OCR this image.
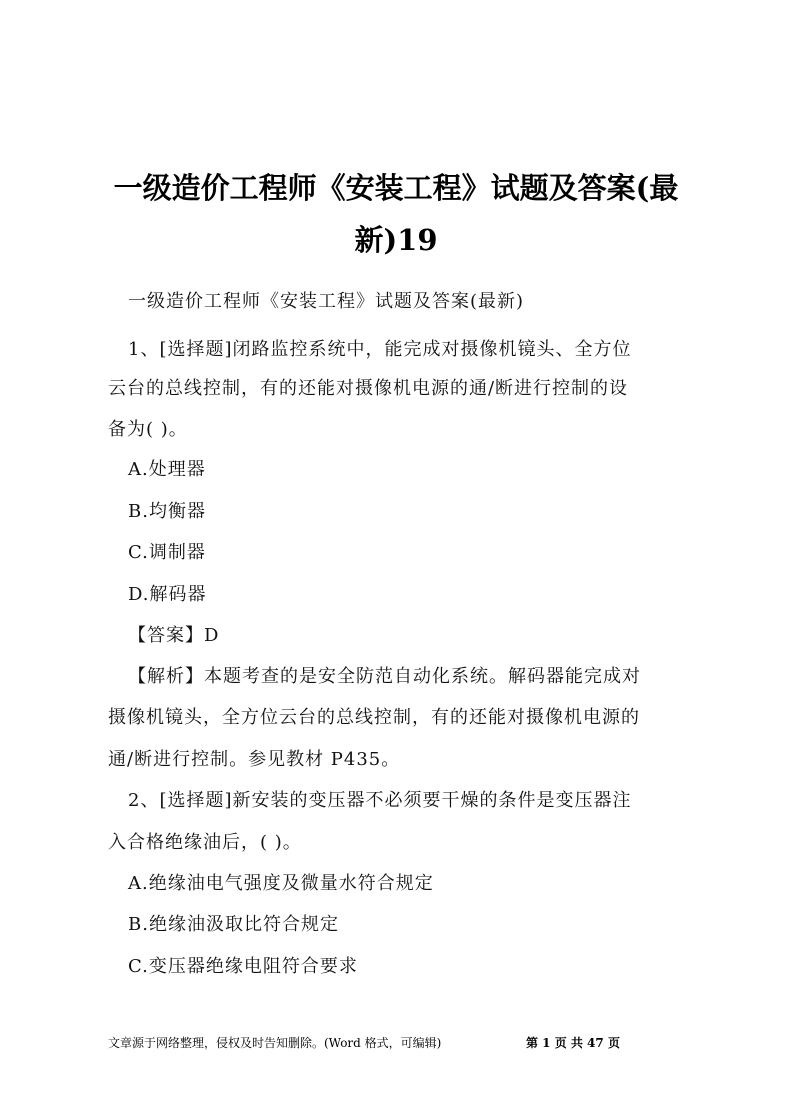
一级造价工程师《安装工程》试题及答案(最
新)19

一级造价工程师《安装工程》试题及答案(最新)

1、[选择题]闭路监控系统中，能完成对摄像机镜头、全方位

云台的总线控制，有的还能对摄像机电源的通/断进行控制的设

备为( )。

A.处理器

B.均衡器

C.调制器

D.解码器

【答案】D

【解析】本题考查的是安全防范自动化系统。解码器能完成对

摄像机镜头，全方位云台的总线控制，有的还能对摄像机电源的

通/断进行控制。参见教材 P435。

2、[选择题]新安装的变压器不必须要干燥的条件是变压器注

入合格绝缘油后，( )。

A.绝缘油电气强度及微量水符合规定

B.绝缘油汲取比符合规定

C.变压器绝缘电阻符合要求

文章源于网络整理，侵权及时告知删除。(Word 格式，可编辑)	第 1 页 共 47 页
